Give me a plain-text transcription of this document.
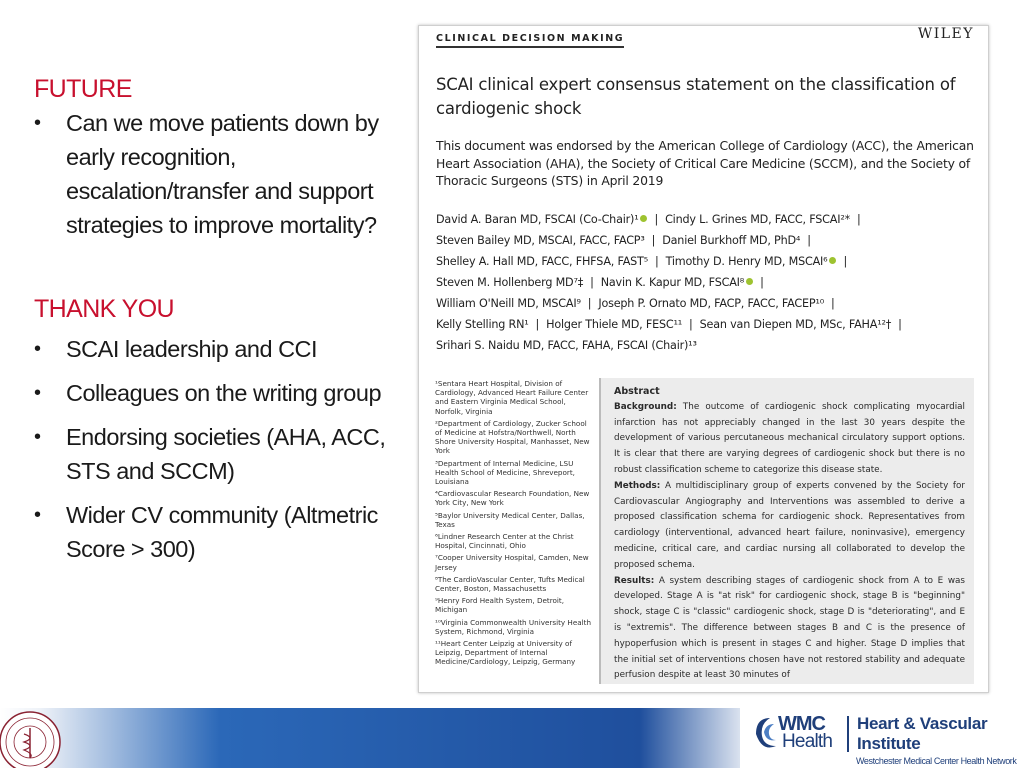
FUTURE
• Can we move patients down by early recognition, escalation/transfer and support strategies to improve mortality?
THANK YOU
• SCAI leadership and CCI
• Colleagues on the writing group
• Endorsing societies (AHA, ACC, STS and SCCM)
• Wider CV community (Altmetric Score > 300)
CLINICAL DECISION MAKING	WILEY
SCAI clinical expert consensus statement on the classification of cardiogenic shock
This document was endorsed by the American College of Cardiology (ACC), the American Heart Association (AHA), the Society of Critical Care Medicine (SCCM), and the Society of Thoracic Surgeons (STS) in April 2019
David A. Baran MD, FSCAI (Co-Chair)¹ | Cindy L. Grines MD, FACC, FSCAI²* |
Steven Bailey MD, MSCAI, FACC, FACP³ | Daniel Burkhoff MD, PhD⁴ |
Shelley A. Hall MD, FACC, FHFSA, FAST⁵ | Timothy D. Henry MD, MSCAI⁶ |
Steven M. Hollenberg MD⁷‡ | Navin K. Kapur MD, FSCAI⁸ |
William O'Neill MD, MSCAI⁹ | Joseph P. Ornato MD, FACP, FACC, FACEP¹⁰ |
Kelly Stelling RN¹ | Holger Thiele MD, FESC¹¹ | Sean van Diepen MD, MSc, FAHA¹²† |
Srihari S. Naidu MD, FACC, FAHA, FSCAI (Chair)¹³

¹Sentara Heart Hospital, Division of Cardiology, Advanced Heart Failure Center and Eastern Virginia Medical School, Norfolk, Virginia

²Department of Cardiology, Zucker School of Medicine at Hofstra/Northwell, North Shore University Hospital, Manhasset, New York

³Department of Internal Medicine, LSU Health School of Medicine, Shreveport, Louisiana

⁴Cardiovascular Research Foundation, New York City, New York

⁵Baylor University Medical Center, Dallas, Texas

⁶Lindner Research Center at the Christ Hospital, Cincinnati, Ohio

⁷Cooper University Hospital, Camden, New Jersey

⁸The CardioVascular Center, Tufts Medical Center, Boston, Massachusetts

⁹Henry Ford Health System, Detroit, Michigan

¹⁰Virginia Commonwealth University Health System, Richmond, Virginia

¹¹Heart Center Leipzig at University of Leipzig, Department of Internal Medicine/Cardiology, Leipzig, Germany

Abstract

Background: The outcome of cardiogenic shock complicating myocardial infarction has not appreciably changed in the last 30 years despite the development of various percutaneous mechanical circulatory support options. It is clear that there are varying degrees of cardiogenic shock but there is no robust classification scheme to categorize this disease state.

Methods: A multidisciplinary group of experts convened by the Society for Cardiovascular Angiography and Interventions was assembled to derive a proposed classification schema for cardiogenic shock. Representatives from cardiology (interventional, advanced heart failure, noninvasive), emergency medicine, critical care, and cardiac nursing all collaborated to develop the proposed schema.

Results: A system describing stages of cardiogenic shock from A to E was developed. Stage A is "at risk" for cardiogenic shock, stage B is "beginning" shock, stage C is "classic" cardiogenic shock, stage D is "deteriorating", and E is "extremis". The difference between stages B and C is the presence of hypoperfusion which is present in stages C and higher. Stage D implies that the initial set of interventions chosen have not restored stability and adequate perfusion despite at least 30 minutes of

WMC
Health
Heart & Vascular
Institute
Westchester Medical Center Health Network
